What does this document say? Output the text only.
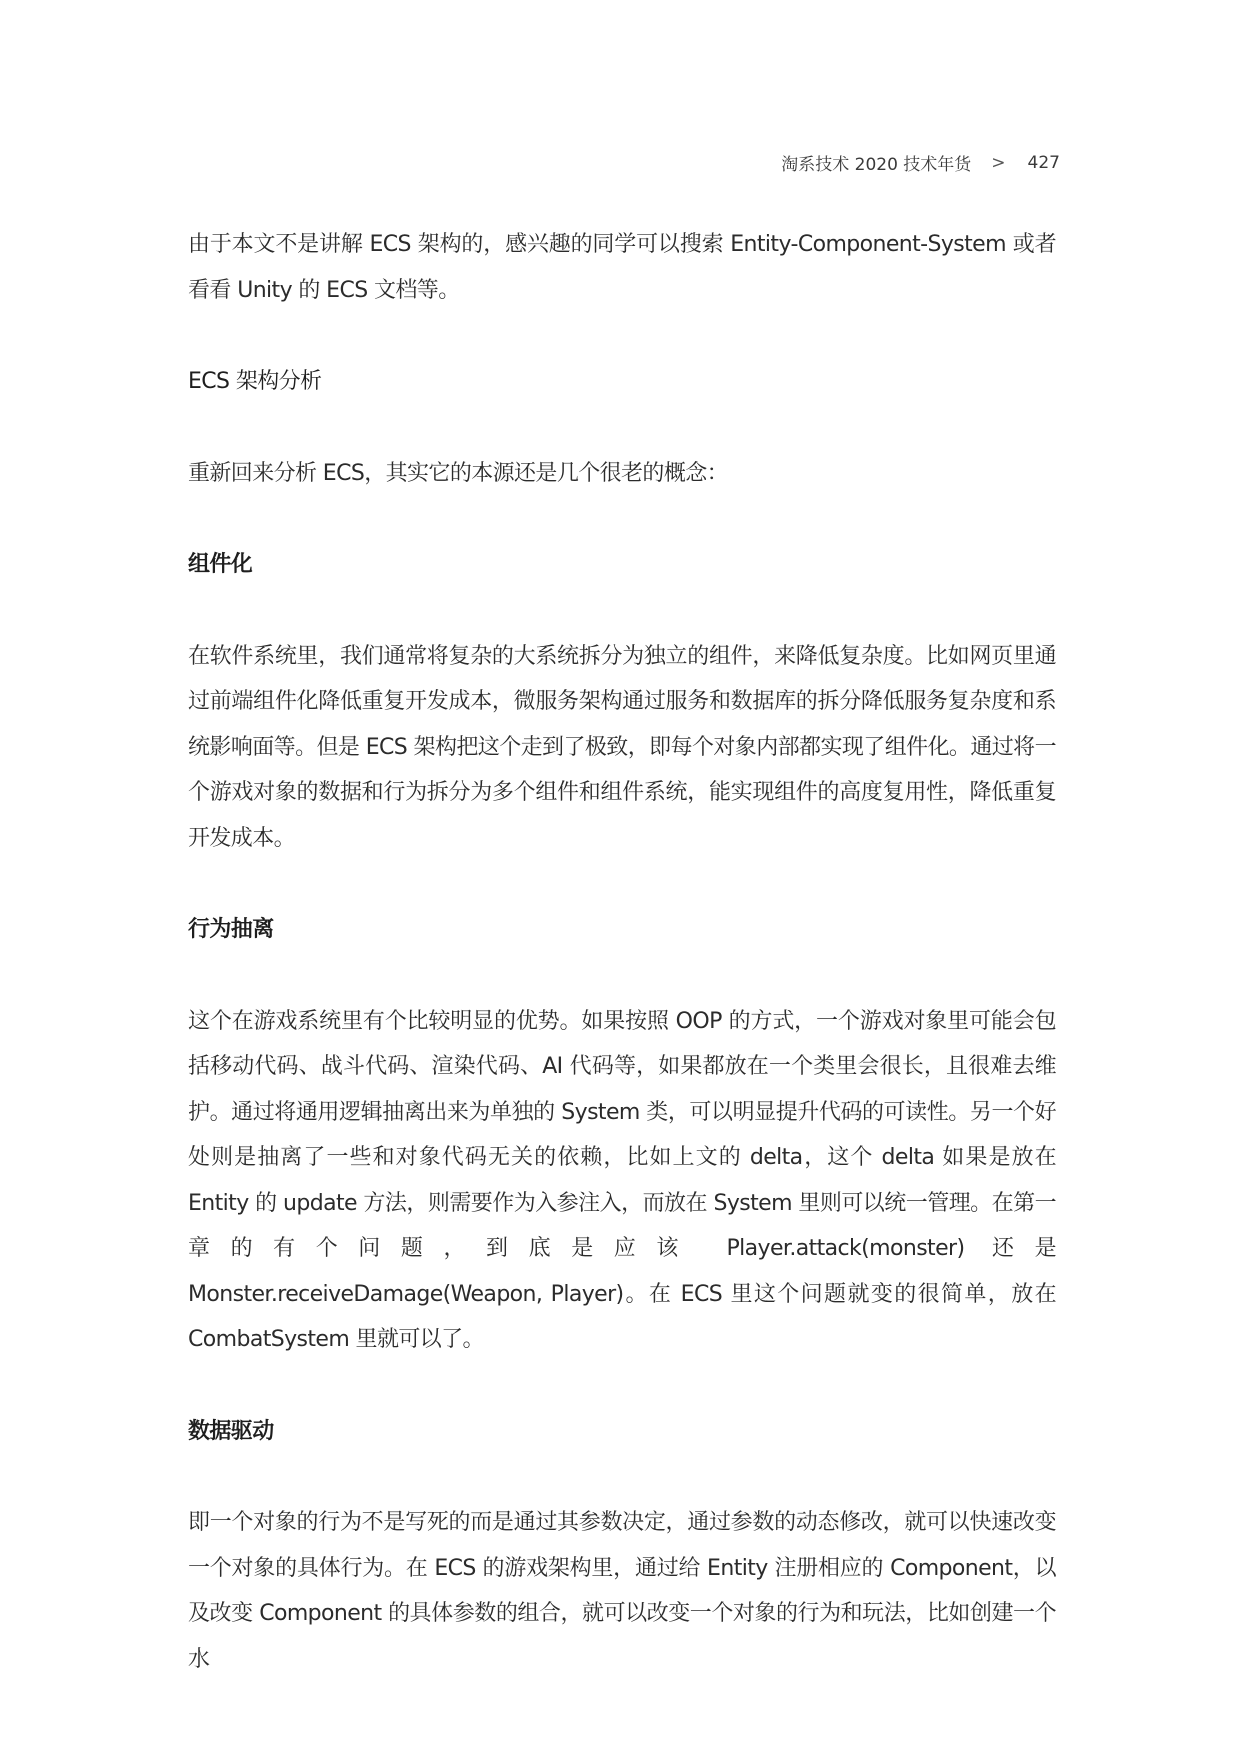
淘系技术 2020 技术年货 > 427

由于本文不是讲解 ECS 架构的，感兴趣的同学可以搜索 Entity-Component-System 或者看看 Unity 的 ECS 文档等。

ECS 架构分析

重新回来分析 ECS，其实它的本源还是几个很老的概念：

组件化

在软件系统里，我们通常将复杂的大系统拆分为独立的组件，来降低复杂度。比如网页里通过前端组件化降低重复开发成本，微服务架构通过服务和数据库的拆分降低服务复杂度和系统影响面等。但是 ECS 架构把这个走到了极致，即每个对象内部都实现了组件化。通过将一个游戏对象的数据和行为拆分为多个组件和组件系统，能实现组件的高度复用性，降低重复开发成本。

行为抽离

这个在游戏系统里有个比较明显的优势。如果按照 OOP 的方式，一个游戏对象里可能会包括移动代码、战斗代码、渲染代码、AI 代码等，如果都放在一个类里会很长，且很难去维护。通过将通用逻辑抽离出来为单独的 System 类，可以明显提升代码的可读性。另一个好处则是抽离了一些和对象代码无关的依赖，比如上文的 delta，这个 delta 如果是放在 Entity 的 update 方法，则需要作为入参注入，而放在 System 里则可以统一管理。在第一章的有个问题，到底是应该 Player.attack(monster) 还是 Monster.receiveDamage(Weapon, Player)。在 ECS 里这个问题就变的很简单，放在 CombatSystem 里就可以了。

数据驱动

即一个对象的行为不是写死的而是通过其参数决定，通过参数的动态修改，就可以快速改变一个对象的具体行为。在 ECS 的游戏架构里，通过给 Entity 注册相应的 Component，以及改变 Component 的具体参数的组合，就可以改变一个对象的行为和玩法，比如创建一个水
